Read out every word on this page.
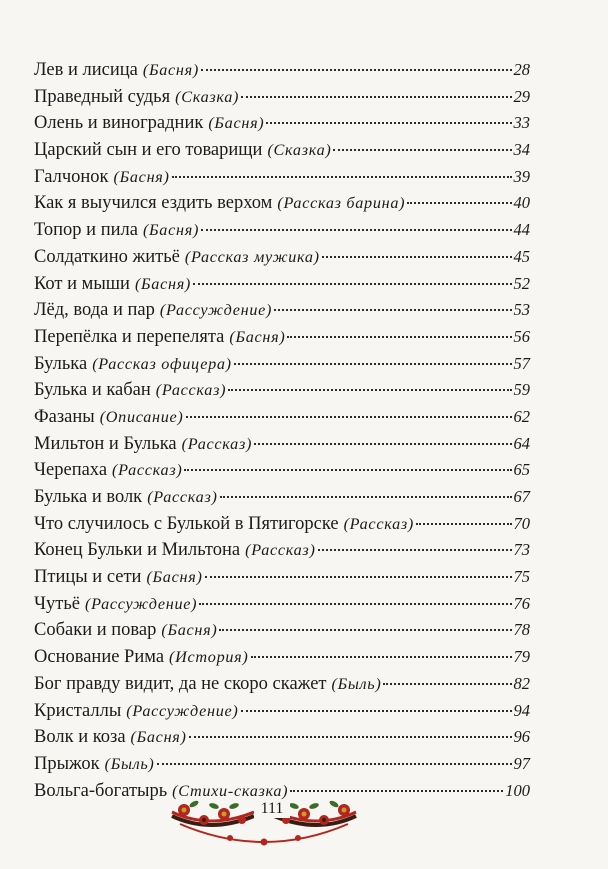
Лев и лисица (Басня)	28
Праведный судья (Сказка)	29
Олень и виноградник (Басня)	33
Царский сын и его товарищи (Сказка)	34
Галчонок (Басня)	39
Как я выучился ездить верхом (Рассказ барина)	40
Топор и пила (Басня)	44
Солдаткино житьё (Рассказ мужика)	45
Кот и мыши (Басня)	52
Лёд, вода и пар (Рассуждение)	53
Перепёлка и перепелята (Басня)	56
Булька (Рассказ офицера)	57
Булька и кабан (Рассказ)	59
Фазаны (Описание)	62
Мильтон и Булька (Рассказ)	64
Черепаха (Рассказ)	65
Булька и волк (Рассказ)	67
Что случилось с Булькой в Пятигорске (Рассказ)	70
Конец Бульки и Мильтона (Рассказ)	73
Птицы и сети (Басня)	75
Чутьё (Рассуждение)	76
Собаки и повар (Басня)	78
Основание Рима (История)	79
Бог правду видит, да не скоро скажет (Быль)	82
Кристаллы (Рассуждение)	94
Волк и коза (Басня)	96
Прыжок (Быль)	97
Вольга-богатырь (Стихи-сказка)	100
111
